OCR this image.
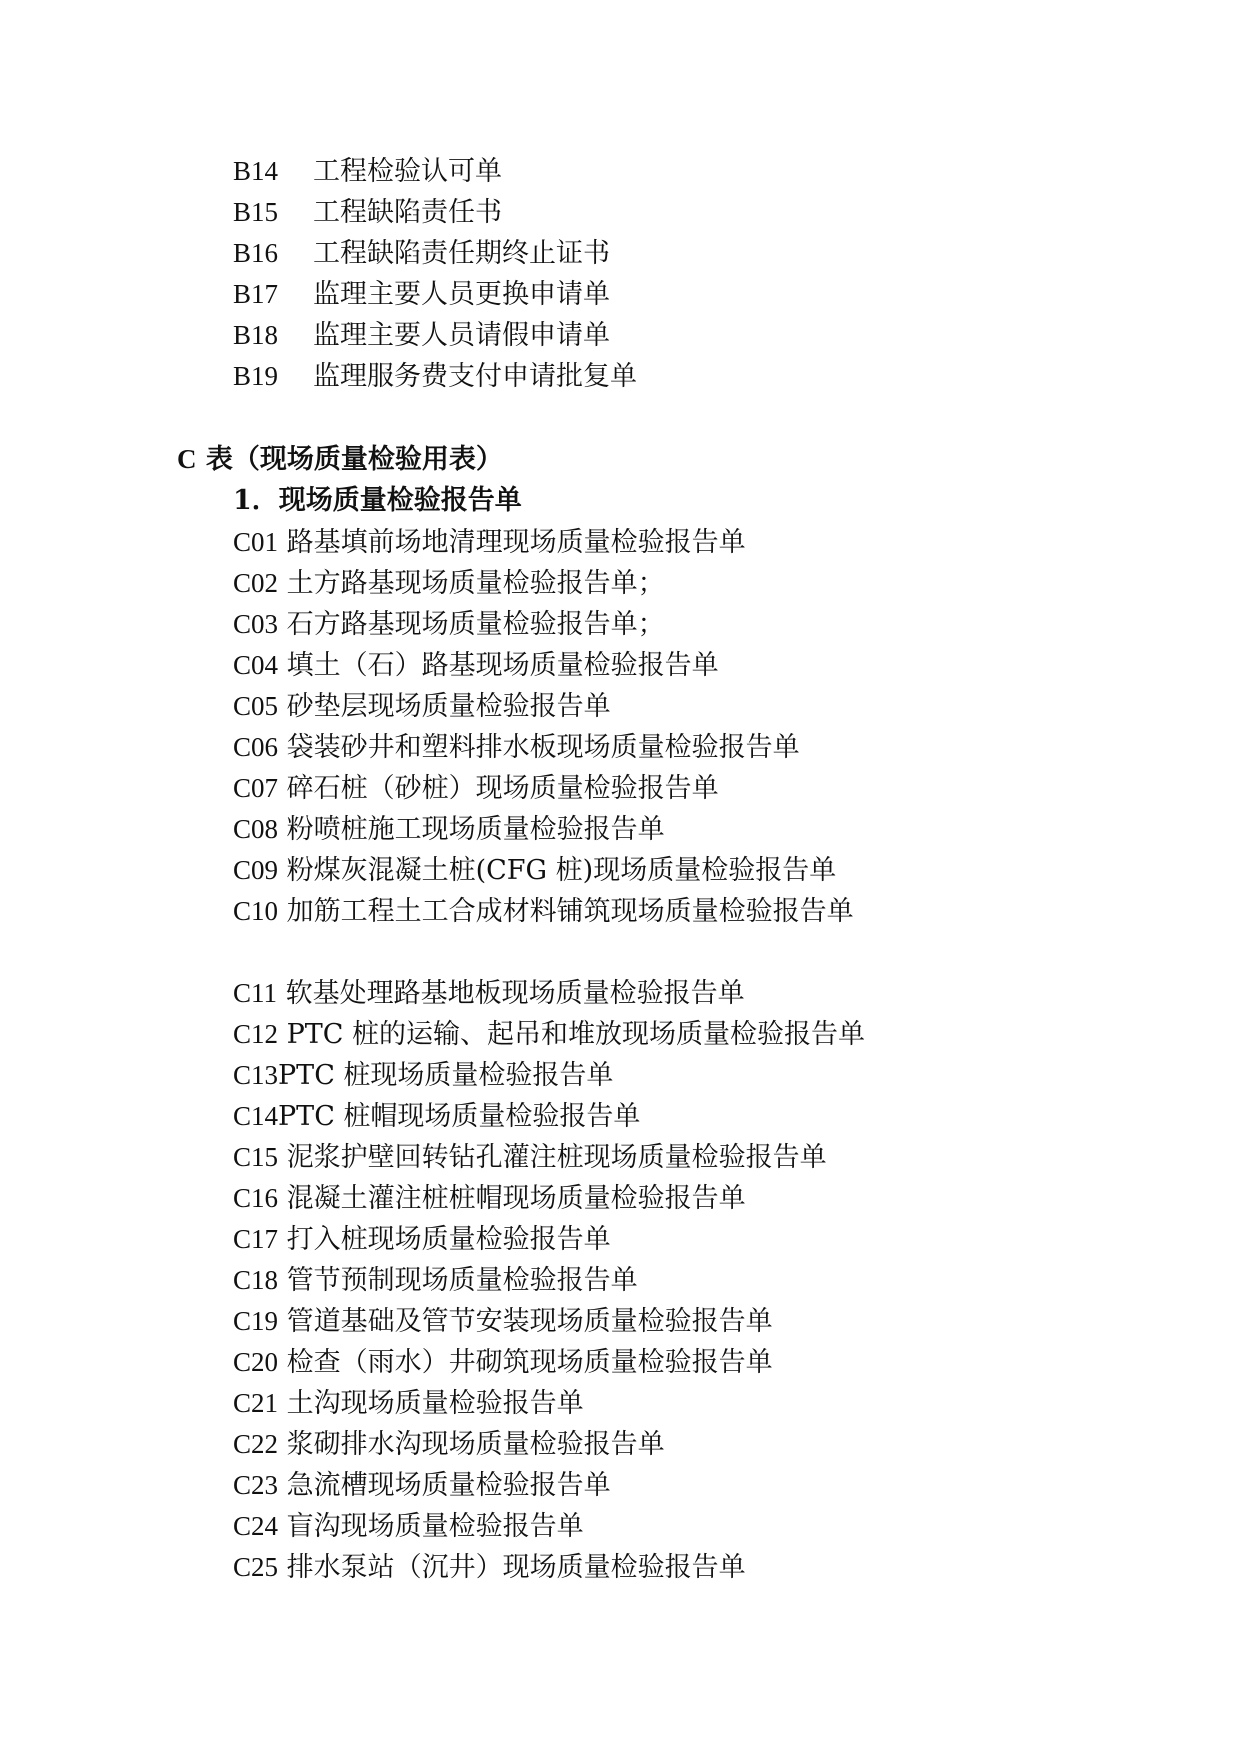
B14 工程检验认可单
B15 工程缺陷责任书
B16 工程缺陷责任期终止证书
B17 监理主要人员更换申请单
B18 监理主要人员请假申请单
B19 监理服务费支付申请批复单
C 表（现场质量检验用表）
1．现场质量检验报告单
C01 路基填前场地清理现场质量检验报告单
C02 土方路基现场质量检验报告单；
C03 石方路基现场质量检验报告单；
C04 填土（石）路基现场质量检验报告单
C05 砂垫层现场质量检验报告单
C06 袋装砂井和塑料排水板现场质量检验报告单
C07 碎石桩（砂桩）现场质量检验报告单
C08 粉喷桩施工现场质量检验报告单
C09 粉煤灰混凝土桩(CFG 桩)现场质量检验报告单
C10 加筋工程土工合成材料铺筑现场质量检验报告单
C11 软基处理路基地板现场质量检验报告单
C12 PTC 桩的运输、起吊和堆放现场质量检验报告单
C13PTC 桩现场质量检验报告单
C14PTC 桩帽现场质量检验报告单
C15 泥浆护壁回转钻孔灌注桩现场质量检验报告单
C16 混凝土灌注桩桩帽现场质量检验报告单
C17 打入桩现场质量检验报告单
C18 管节预制现场质量检验报告单
C19 管道基础及管节安装现场质量检验报告单
C20 检查（雨水）井砌筑现场质量检验报告单
C21 土沟现场质量检验报告单
C22 浆砌排水沟现场质量检验报告单
C23 急流槽现场质量检验报告单
C24 盲沟现场质量检验报告单
C25 排水泵站（沉井）现场质量检验报告单
